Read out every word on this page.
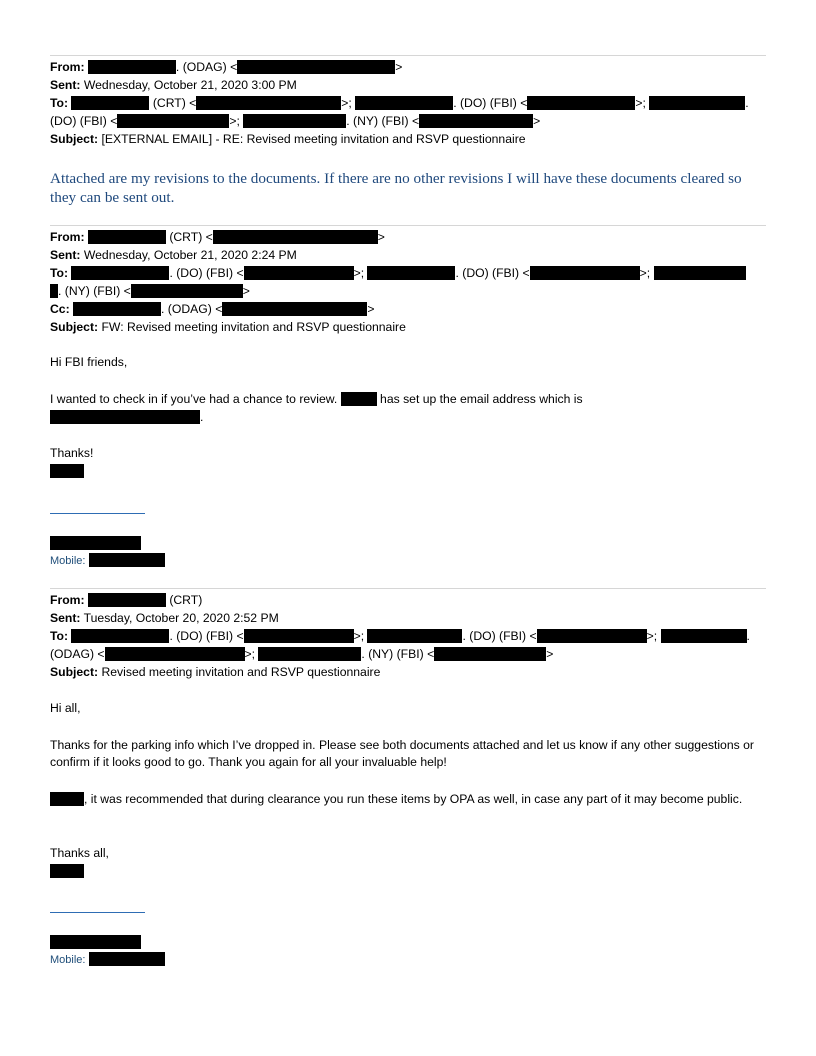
From:	. (ODAG) <	>
Sent: Wednesday, October 21, 2020 3:00 PM
To:	(CRT) <	>;	. (DO) (FBI) <	>;	.
(DO) (FBI) <	>;	. (NY) (FBI) <	>
Subject: [EXTERNAL EMAIL] - RE: Revised meeting invitation and RSVP questionnaire
Attached are my revisions to the documents. If there are no other revisions I will have these documents cleared so they can be sent out.
From:	(CRT) <	>
Sent: Wednesday, October 21, 2020 2:24 PM
To:	. (DO) (FBI) <	>;	. (DO) (FBI) <	>;
. (NY) (FBI) <	>
Cc:	. (ODAG) <	>
Subject: FW: Revised meeting invitation and RSVP questionnaire
Hi FBI friends,
I wanted to check in if you’ve had a chance to review.	has set up the email address which is
.
Thanks!
Mobile:
From:	(CRT)
Sent: Tuesday, October 20, 2020 2:52 PM
To:	. (DO) (FBI) <	>;	. (DO) (FBI) <	>;	.
(ODAG) <	>;	. (NY) (FBI) <	>
Subject: Revised meeting invitation and RSVP questionnaire
Hi all,
Thanks for the parking info which I’ve dropped in. Please see both documents attached and let us know if any other suggestions or confirm if it looks good to go. Thank you again for all your invaluable help!
, it was recommended that during clearance you run these items by OPA as well, in case any part of it may become public.
Thanks all,
Mobile:
